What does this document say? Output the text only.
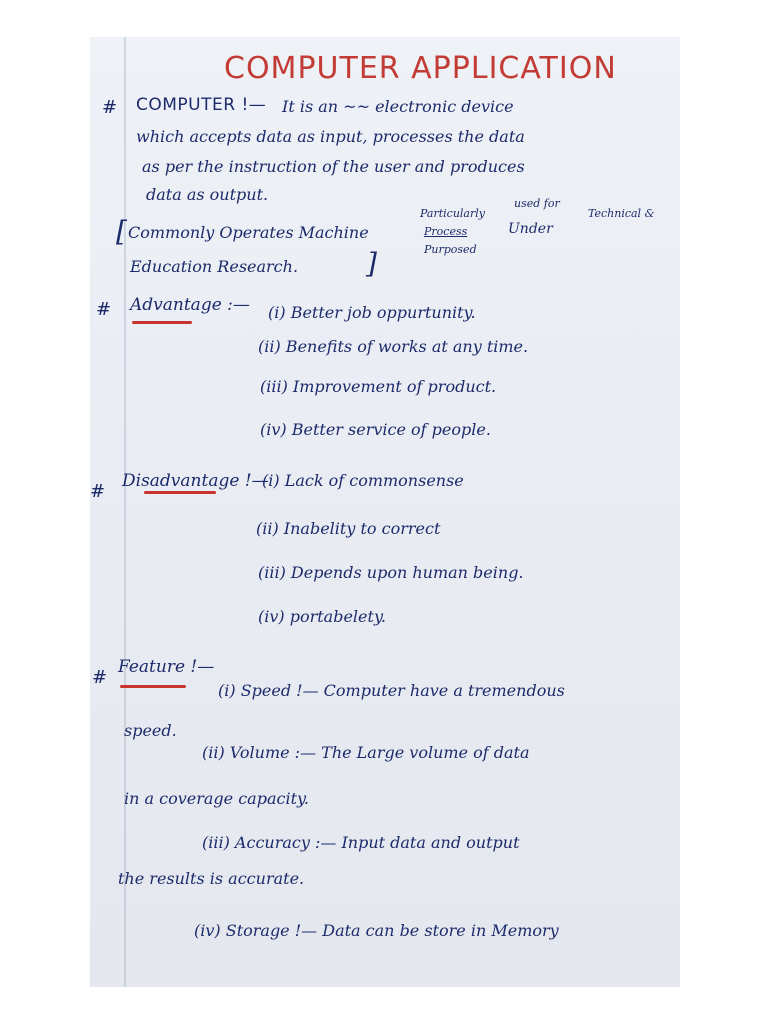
COMPUTER APPLICATION
# COMPUTER !— It is an ~~ electronic device
which accepts data as input, processes the data
as per the instruction of the user and produces
data as output.
[ Commonly Operates Machine
Particularly
Process
Purposed
used for
Under
Technical &
Education Research. ]
# Advantage :— (i) Better job oppurtunity.
(ii) Benefits of works at any time.
(iii) Improvement of product.
(iv) Better service of people.
# Disadvantage !—
(i) Lack of commonsense
(ii) Inabelity to correct
(iii) Depends upon human being.
(iv) portabelety.
# Feature !—
(i) Speed !— Computer have a tremendous
speed.
(ii) Volume :— The Large volume of data
in a coverage capacity.
(iii) Accuracy :— Input data and output
the results is accurate.
(iv) Storage !— Data can be store in Memory
